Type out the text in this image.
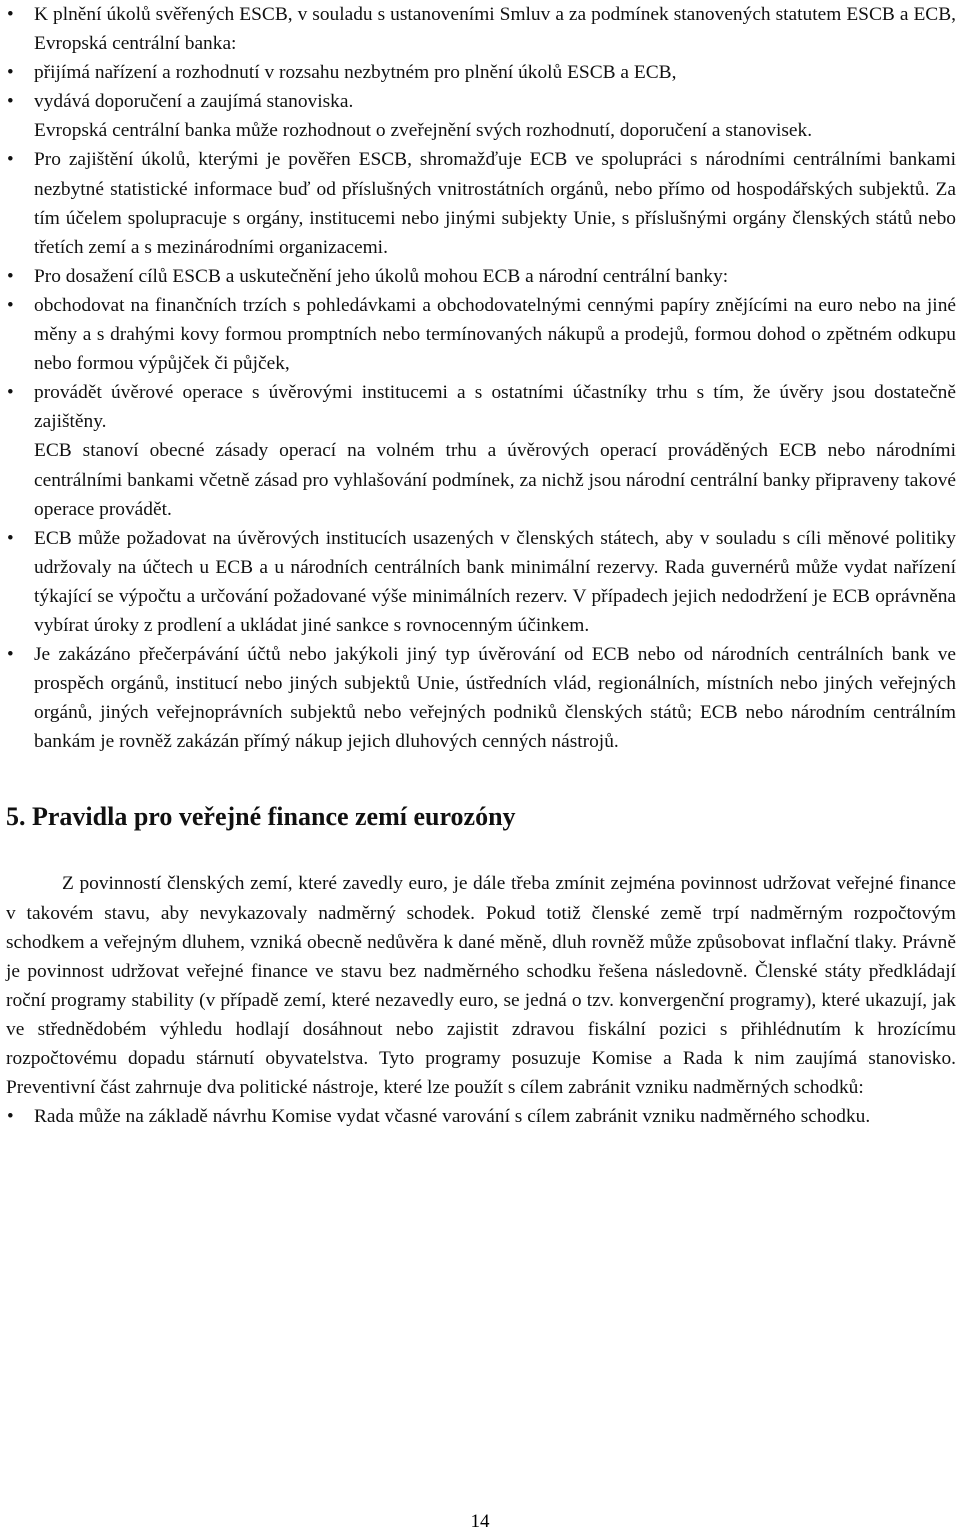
• K plnění úkolů svěřených ESCB, v souladu s ustanoveními Smluv a za podmínek stanovených statutem ESCB a ECB, Evropská centrální banka:

• přijímá nařízení a rozhodnutí v rozsahu nezbytném pro plnění úkolů ESCB a ECB,

• vydává doporučení a zaujímá stanoviska.

Evropská centrální banka může rozhodnout o zveřejnění svých rozhodnutí, doporučení a stanovisek.

• Pro zajištění úkolů, kterými je pověřen ESCB, shromažďuje ECB ve spolupráci s národními centrálními bankami nezbytné statistické informace buď od příslušných vnitrostátních orgánů, nebo přímo od hospodářských subjektů. Za tím účelem spolupracuje s orgány, institucemi nebo jinými subjekty Unie, s příslušnými orgány členských států nebo třetích zemí a s mezinárodními organizacemi.

• Pro dosažení cílů ESCB a uskutečnění jeho úkolů mohou ECB a národní centrální banky:

• obchodovat na finančních trzích s pohledávkami a obchodovatelnými cennými papíry znějícími na euro nebo na jiné měny a s drahými kovy formou promptních nebo termínovaných nákupů a prodejů, formou dohod o zpětném odkupu nebo formou výpůjček či půjček,

• provádět úvěrové operace s úvěrovými institucemi a s ostatními účastníky trhu s tím, že úvěry jsou dostatečně zajištěny.

ECB stanoví obecné zásady operací na volném trhu a úvěrových operací prováděných ECB nebo národními centrálními bankami včetně zásad pro vyhlašování podmínek, za nichž jsou národní centrální banky připraveny takové operace provádět.

• ECB může požadovat na úvěrových institucích usazených v členských státech, aby v souladu s cíli měnové politiky udržovaly na účtech u ECB a u národních centrálních bank minimální rezervy. Rada guvernérů může vydat nařízení týkající se výpočtu a určování požadované výše minimálních rezerv. V případech jejich nedodržení je ECB oprávněna vybírat úroky z prodlení a ukládat jiné sankce s rovnocenným účinkem.

• Je zakázáno přečerpávání účtů nebo jakýkoli jiný typ úvěrování od ECB nebo od národních centrálních bank ve prospěch orgánů, institucí nebo jiných subjektů Unie, ústředních vlád, regionálních, místních nebo jiných veřejných orgánů, jiných veřejnoprávních subjektů nebo veřejných podniků členských států; ECB nebo národním centrálním bankám je rovněž zakázán přímý nákup jejich dluhových cenných nástrojů.

5. Pravidla pro veřejné finance zemí eurozóny

Z povinností členských zemí, které zavedly euro, je dále třeba zmínit zejména povinnost udržovat veřejné finance v takovém stavu, aby nevykazovaly nadměrný schodek. Pokud totiž členské země trpí nadměrným rozpočtovým schodkem a veřejným dluhem, vzniká obecně nedůvěra k dané měně, dluh rovněž může způsobovat inflační tlaky. Právně je povinnost udržovat veřejné finance ve stavu bez nadměrného schodku řešena následovně. Členské státy předkládají roční programy stability (v případě zemí, které nezavedly euro, se jedná o tzv. konvergenční programy), které ukazují, jak ve střednědobém výhledu hodlají dosáhnout nebo zajistit zdravou fiskální pozici s přihlédnutím k hrozícímu rozpočtovému dopadu stárnutí obyvatelstva. Tyto programy posuzuje Komise a Rada k nim zaujímá stanovisko. Preventivní část zahrnuje dva politické nástroje, které lze použít s cílem zabránit vzniku nadměrných schodků:

• Rada může na základě návrhu Komise vydat včasné varování s cílem zabránit vzniku nadměrného schodku.

14
